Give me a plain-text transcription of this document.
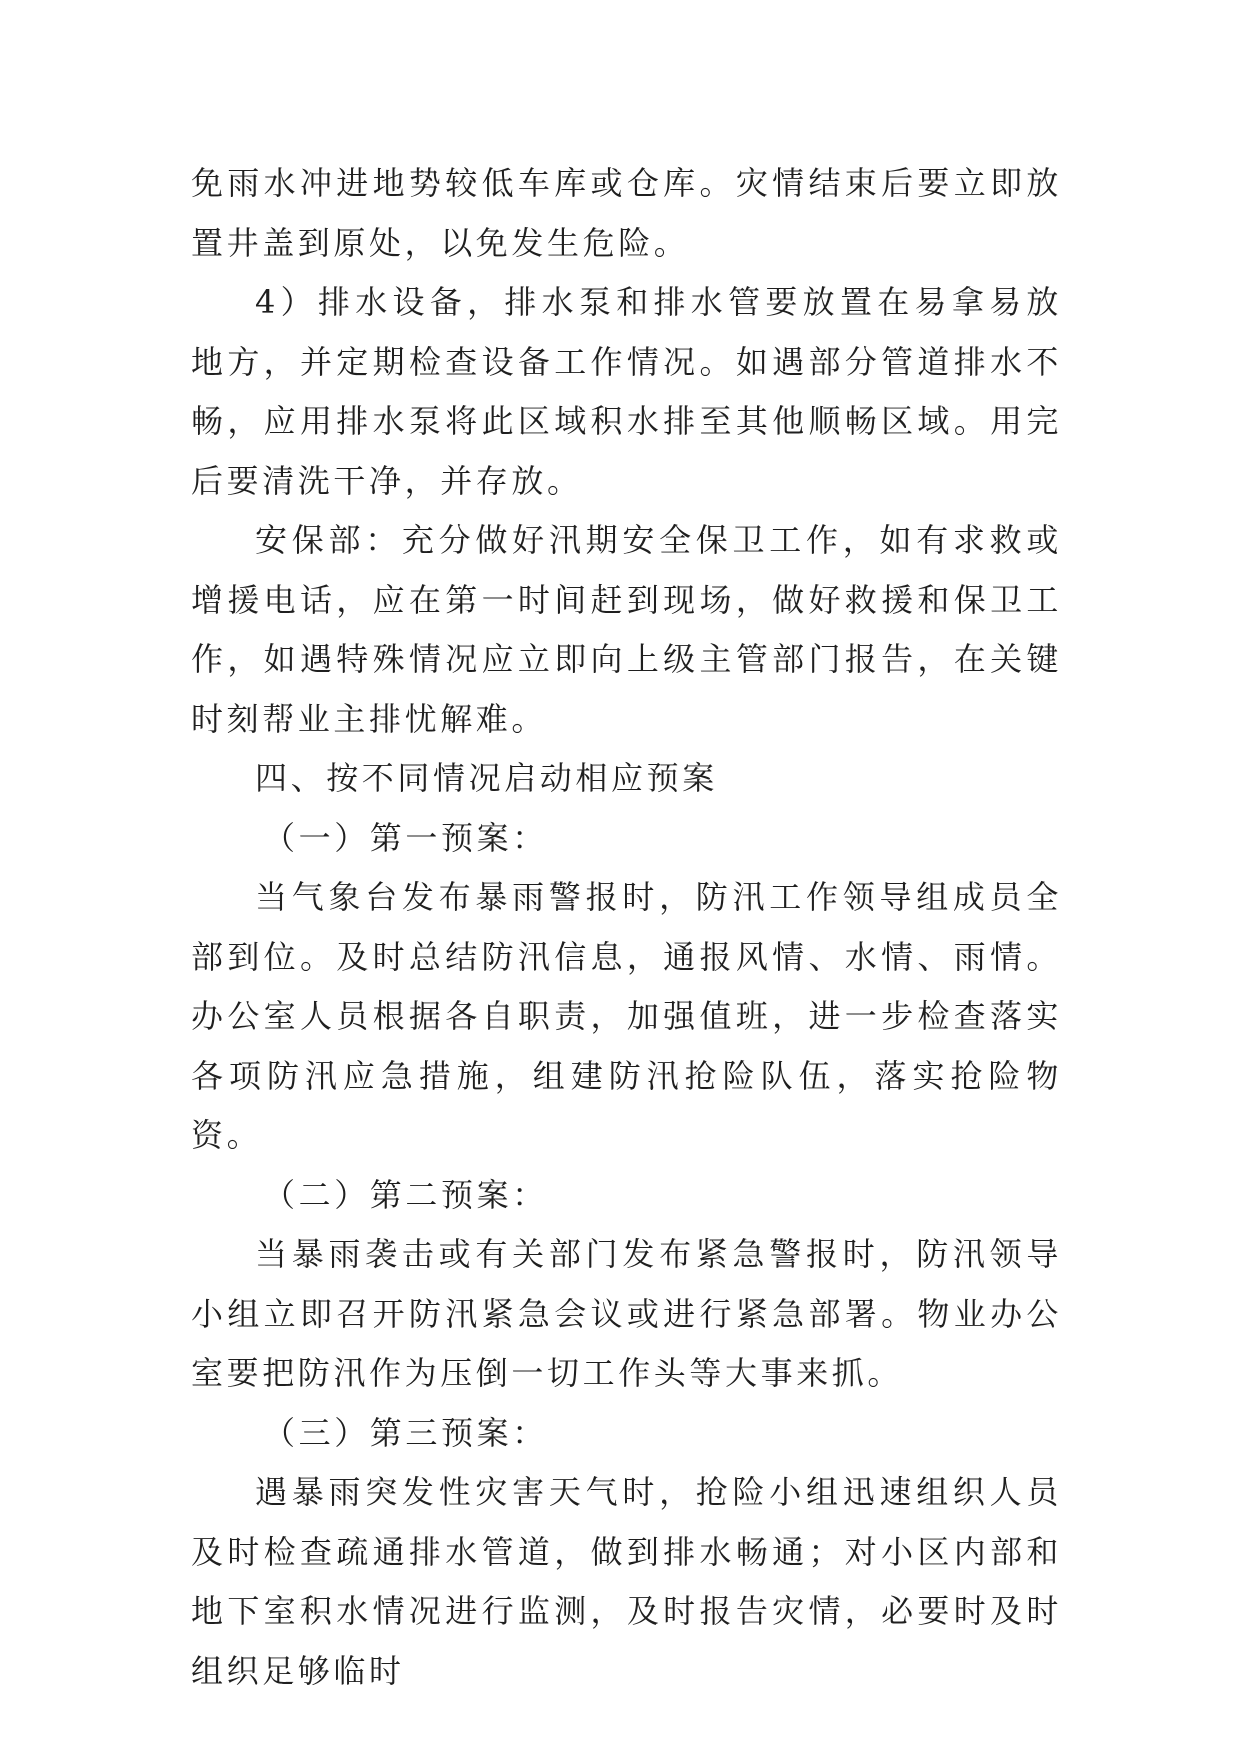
免雨水冲进地势较低车库或仓库。灾情结束后要立即放置井盖到原处，以免发生危险。

4）排水设备，排水泵和排水管要放置在易拿易放地方，并定期检查设备工作情况。如遇部分管道排水不畅，应用排水泵将此区域积水排至其他顺畅区域。用完后要清洗干净，并存放。

安保部：充分做好汛期安全保卫工作，如有求救或增援电话，应在第一时间赶到现场，做好救援和保卫工作，如遇特殊情况应立即向上级主管部门报告，在关键时刻帮业主排忧解难。

四、按不同情况启动相应预案

（一）第一预案：

当气象台发布暴雨警报时，防汛工作领导组成员全部到位。及时总结防汛信息，通报风情、水情、雨情。办公室人员根据各自职责，加强值班，进一步检查落实各项防汛应急措施，组建防汛抢险队伍，落实抢险物资。

（二）第二预案：

当暴雨袭击或有关部门发布紧急警报时，防汛领导小组立即召开防汛紧急会议或进行紧急部署。物业办公室要把防汛作为压倒一切工作头等大事来抓。

（三）第三预案：

遇暴雨突发性灾害天气时，抢险小组迅速组织人员及时检查疏通排水管道，做到排水畅通；对小区内部和地下室积水情况进行监测，及时报告灾情，必要时及时组织足够临时
